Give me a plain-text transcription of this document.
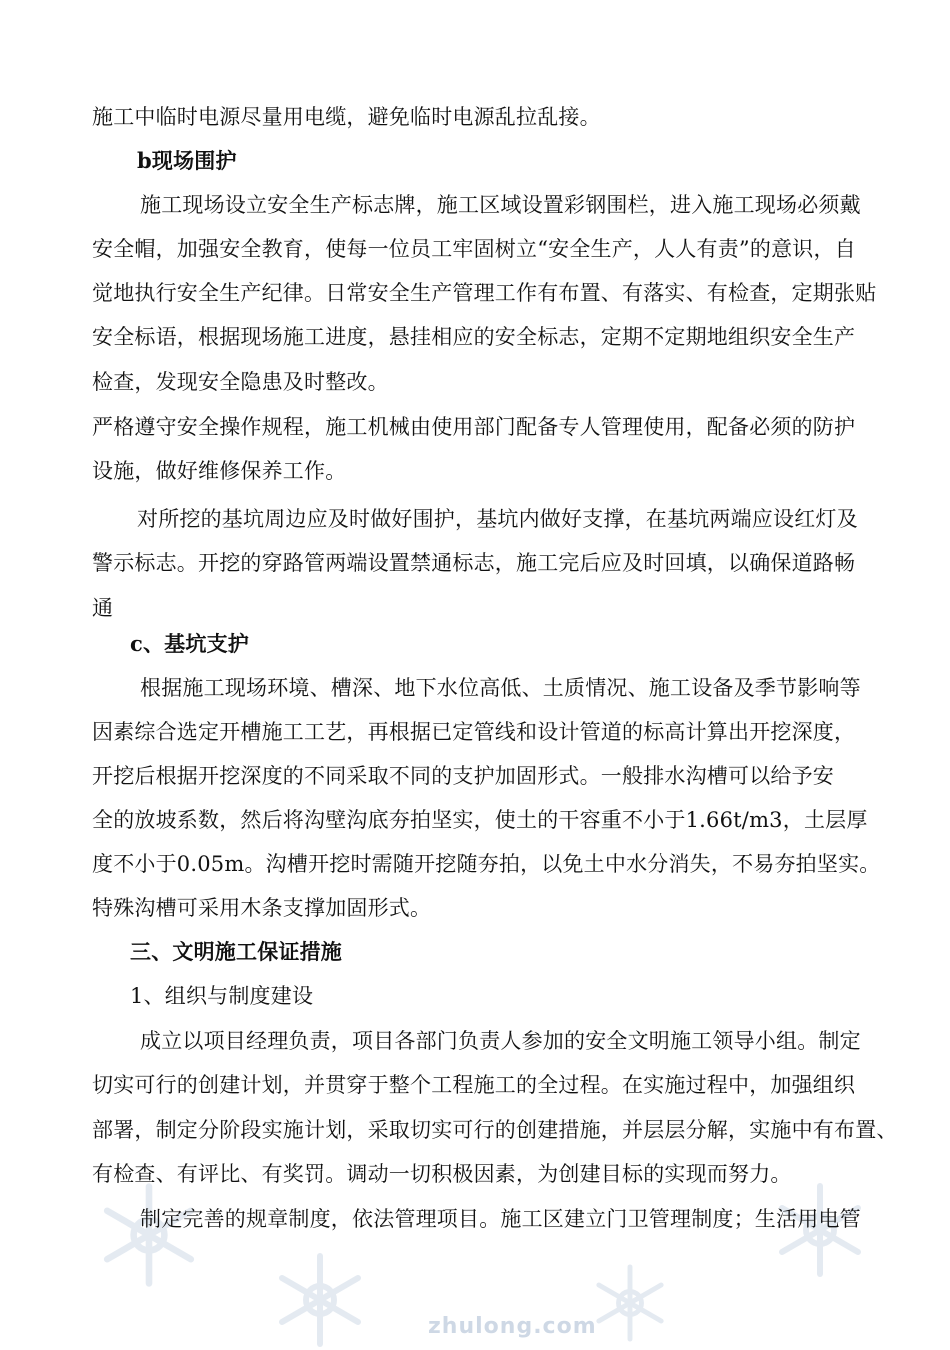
zhulong.com
施工中临时电源尽量用电缆，避免临时电源乱拉乱接。
b现场围护
施工现场设立安全生产标志牌，施工区域设置彩钢围栏，进入施工现场必须戴
安全帽，加强安全教育，使每一位员工牢固树立“安全生产，人人有责”的意识，自
觉地执行安全生产纪律。日常安全生产管理工作有布置、有落实、有检查，定期张贴
安全标语，根据现场施工进度，悬挂相应的安全标志，定期不定期地组织安全生产
检查，发现安全隐患及时整改。
严格遵守安全操作规程，施工机械由使用部门配备专人管理使用，配备必须的防护
设施，做好维修保养工作。
对所挖的基坑周边应及时做好围护，基坑内做好支撑，在基坑两端应设红灯及
警示标志。开挖的穿路管两端设置禁通标志，施工完后应及时回填，以确保道路畅
通
c、基坑支护
根据施工现场环境、槽深、地下水位高低、土质情况、施工设备及季节影响等
因素综合选定开槽施工工艺，再根据已定管线和设计管道的标高计算出开挖深度，
开挖后根据开挖深度的不同采取不同的支护加固形式。一般排水沟槽可以给予安
全的放坡系数，然后将沟壁沟底夯拍坚实，使土的干容重不小于1.66t/m3，土层厚
度不小于0.05m。沟槽开挖时需随开挖随夯拍，以免土中水分消失，不易夯拍坚实。
特殊沟槽可采用木条支撑加固形式。
三、文明施工保证措施
1、组织与制度建设
成立以项目经理负责，项目各部门负责人参加的安全文明施工领导小组。制定
切实可行的创建计划，并贯穿于整个工程施工的全过程。在实施过程中，加强组织
部署，制定分阶段实施计划，采取切实可行的创建措施，并层层分解，实施中有布置、
有检查、有评比、有奖罚。调动一切积极因素，为创建目标的实现而努力。
制定完善的规章制度，依法管理项目。施工区建立门卫管理制度；生活用电管
